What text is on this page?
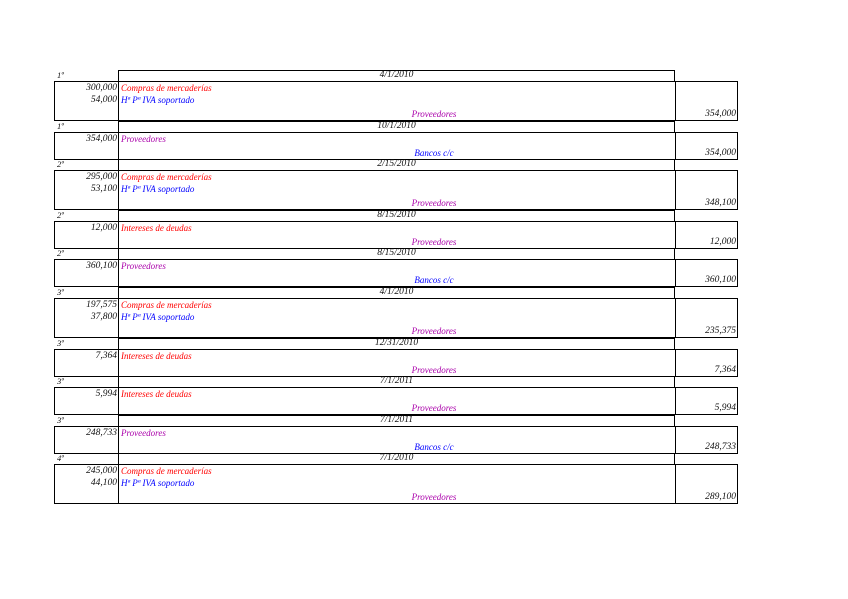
1º	4/1/2010
300,000 Compras de mercaderías
54,000 Hª Pª IVA soportado
Proveedores	354,000
1º	10/1/2010
354,000 Proveedores
Bancos c/c	354,000
2º	2/15/2010
295,000 Compras de mercaderías
53,100 Hª Pª IVA soportado
Proveedores	348,100
2º	8/15/2010
12,000 Intereses de deudas
Proveedores	12,000
2º	8/15/2010
360,100 Proveedores
Bancos c/c	360,100
3º	4/1/2010
197,575 Compras de mercaderías
37,800 Hª Pª IVA soportado
Proveedores	235,375
3º	12/31/2010
7,364 Intereses de deudas
Proveedores	7,364
3º	7/1/2011
5,994 Intereses de deudas
Proveedores	5,994
3º	7/1/2011
248,733 Proveedores
Bancos c/c	248,733
4º	7/1/2010
245,000 Compras de mercaderías
44,100 Hª Pª IVA soportado
Proveedores	289,100
